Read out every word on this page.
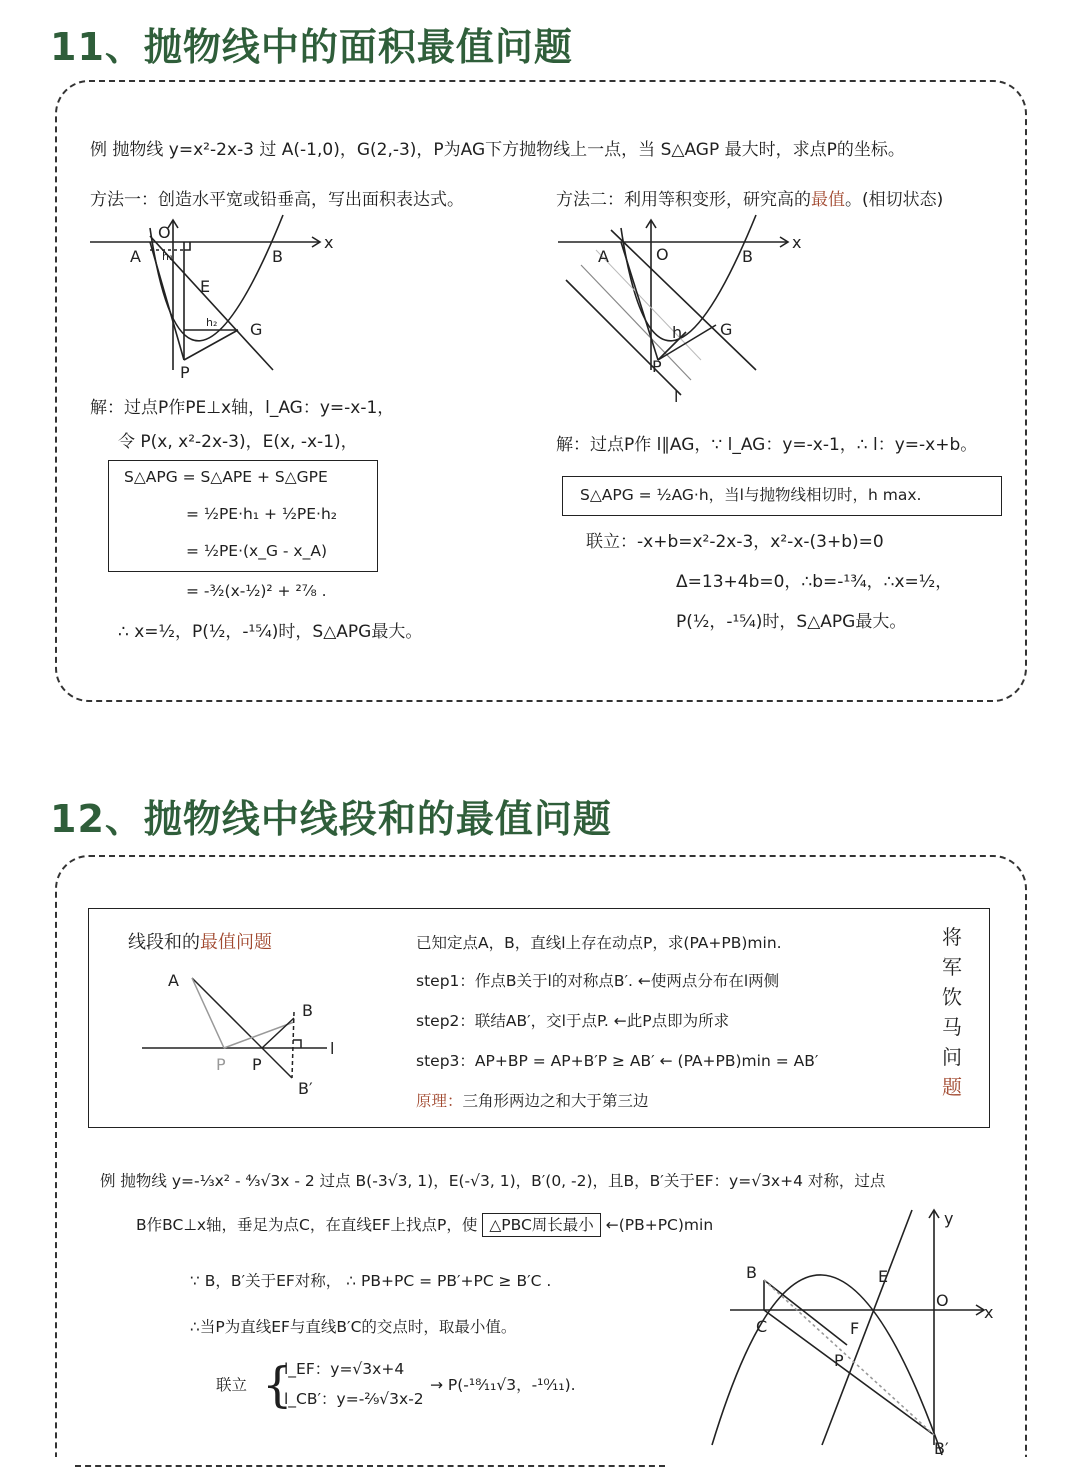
11、抛物线中的面积最值问题
例 抛物线 y=x²-2x-3 过 A(-1,0)，G(2,-3)，P为AG下方抛物线上一点，当 S△AGP 最大时，求点P的坐标。
方法一：创造水平宽或铅垂高，写出面积表达式。	方法二：利用等积变形，研究高的最值。(相切状态)
A
O
h₁	B
x
E
h₂ G
P
A	O	B
x
h G
P
l
解：过点P作PE⊥x轴，l_AG：y=-x-1，
令 P(x, x²-2x-3)，E(x, -x-1)，
S△APG = S△APE + S△GPE
= ½PE·h₁ + ½PE·h₂
= ½PE·(x_G - x_A)
= -³⁄₂(x-½)² + ²⁷⁄₈ .
∴ x=½，P(½，-¹⁵⁄₄)时，S△APG最大。
解：过点P作 l∥AG，∵ l_AG：y=-x-1，∴ l：y=-x+b。
S△APG = ½AG·h，当l与抛物线相切时，h max.
联立：-x+b=x²-2x-3，x²-x-(3+b)=0
Δ=13+4b=0，∴b=-¹³⁄₄，∴x=½，
P(½，-¹⁵⁄₄)时，S△APG最大。
12、抛物线中线段和的最值问题
线段和的最值问题
A
B
P P
l
B′
已知定点A，B，直线l上存在动点P，求(PA+PB)min.
step1：作点B关于l的对称点B′. ←使两点分布在l两侧
step2：联结AB′，交l于点P. ←此P点即为所求
step3：AP+BP = AP+B′P ≥ AB′ ← (PA+PB)min = AB′
原理：三角形两边之和大于第三边
将
军
饮
马
问
题
例 抛物线 y=-⅓x² - ⁴⁄₃√3x - 2 过点 B(-3√3, 1)，E(-√3, 1)，B′(0, -2)，且B，B′关于EF：y=√3x+4 对称，过点
B作BC⊥x轴，垂足为点C，在直线EF上找点P，使 △PBC周长最小 ←(PB+PC)min
∵ B，B′关于EF对称， ∴ PB+PC = PB′+PC ≥ B′C .
∴当P为直线EF与直线B′C的交点时，取最小值。
联立 {
l_EF：y=√3x+4
l_CB′：y=-²⁄₉√3x-2
→ P(-¹⁸⁄₁₁√3，-¹⁰⁄₁₁).
y
x
O
B
C
E
F
P
B′
